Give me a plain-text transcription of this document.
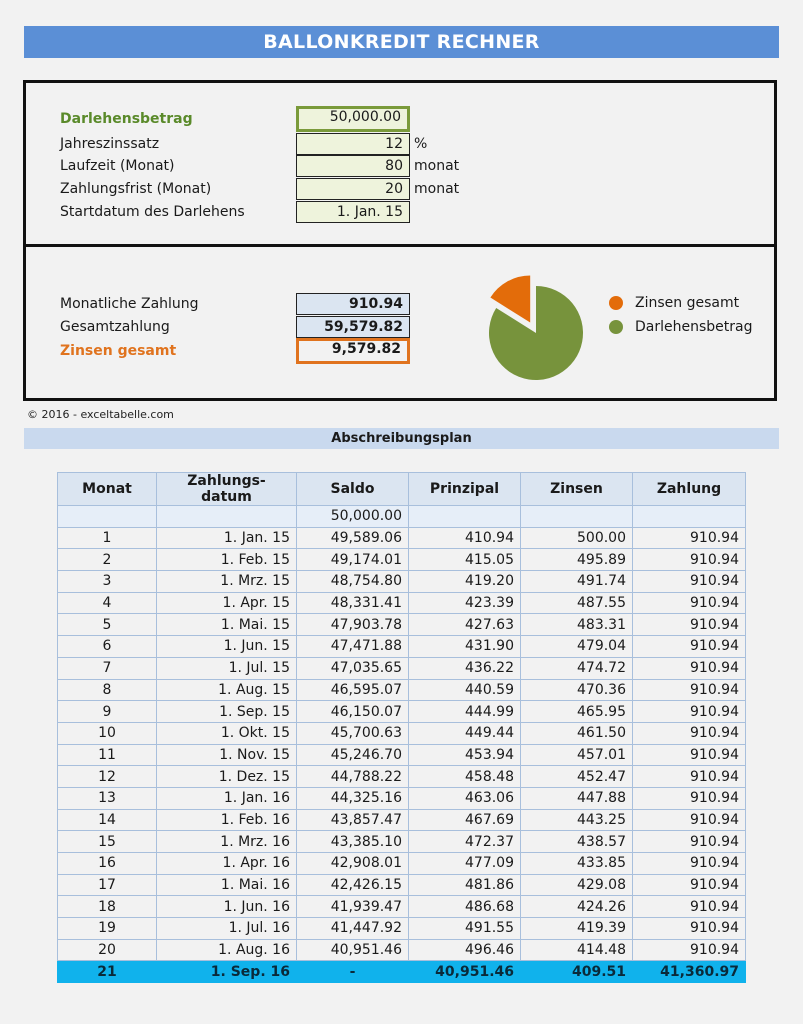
BALLONKREDIT RECHNER
Darlehensbetrag	50,000.00
Jahreszinssatz	12 %
Laufzeit (Monat)	80 monat
Zahlungsfrist (Monat)	20 monat
Startdatum des Darlehens	1. Jan. 15
Monatliche Zahlung	910.94
Gesamtzahlung	59,579.82
Zinsen gesamt	9,579.82
Zinsen gesamt
Darlehensbetrag
© 2016 - exceltabelle.com
Abschreibungsplan
Monat	Zahlungs-datum	Saldo	Prinzipal	Zinsen	Zahlung
		50,000.00			
1	1. Jan. 15	49,589.06	410.94	500.00	910.94
2	1. Feb. 15	49,174.01	415.05	495.89	910.94
3	1. Mrz. 15	48,754.80	419.20	491.74	910.94
4	1. Apr. 15	48,331.41	423.39	487.55	910.94
5	1. Mai. 15	47,903.78	427.63	483.31	910.94
6	1. Jun. 15	47,471.88	431.90	479.04	910.94
7	1. Jul. 15	47,035.65	436.22	474.72	910.94
8	1. Aug. 15	46,595.07	440.59	470.36	910.94
9	1. Sep. 15	46,150.07	444.99	465.95	910.94
10	1. Okt. 15	45,700.63	449.44	461.50	910.94
11	1. Nov. 15	45,246.70	453.94	457.01	910.94
12	1. Dez. 15	44,788.22	458.48	452.47	910.94
13	1. Jan. 16	44,325.16	463.06	447.88	910.94
14	1. Feb. 16	43,857.47	467.69	443.25	910.94
15	1. Mrz. 16	43,385.10	472.37	438.57	910.94
16	1. Apr. 16	42,908.01	477.09	433.85	910.94
17	1. Mai. 16	42,426.15	481.86	429.08	910.94
18	1. Jun. 16	41,939.47	486.68	424.26	910.94
19	1. Jul. 16	41,447.92	491.55	419.39	910.94
20	1. Aug. 16	40,951.46	496.46	414.48	910.94
21	1. Sep. 16	-	40,951.46	409.51	41,360.97
